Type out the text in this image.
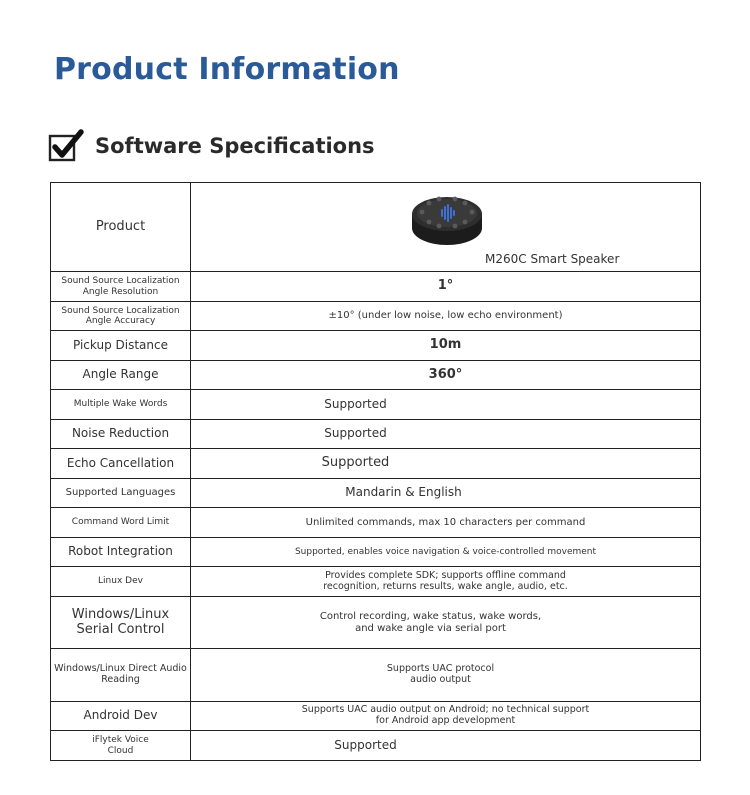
Product Information
Software Specifications
Product	M260C Smart Speaker

Sound Source Localization Angle Resolution	1°
Sound Source Localization Angle Accuracy	±10° (under low noise, low echo environment)
Pickup Distance	10m
Angle Range	360°
Multiple Wake Words	Supported
Noise Reduction	Supported
Echo Cancellation	Supported
Supported Languages	Mandarin & English
Command Word Limit	Unlimited commands, max 10 characters per command
Robot Integration	Supported, enables voice navigation & voice-controlled movement
Linux Dev	Provides complete SDK; supports offline command recognition, returns results, wake angle, audio, etc.
Windows/Linux Serial Control	Control recording, wake status, wake words, and wake angle via serial port
Windows/Linux Direct Audio Reading	Supports UAC protocol audio output
Android Dev	Supports UAC audio output on Android; no technical support for Android app development
iFlytek Voice Cloud	Supported
